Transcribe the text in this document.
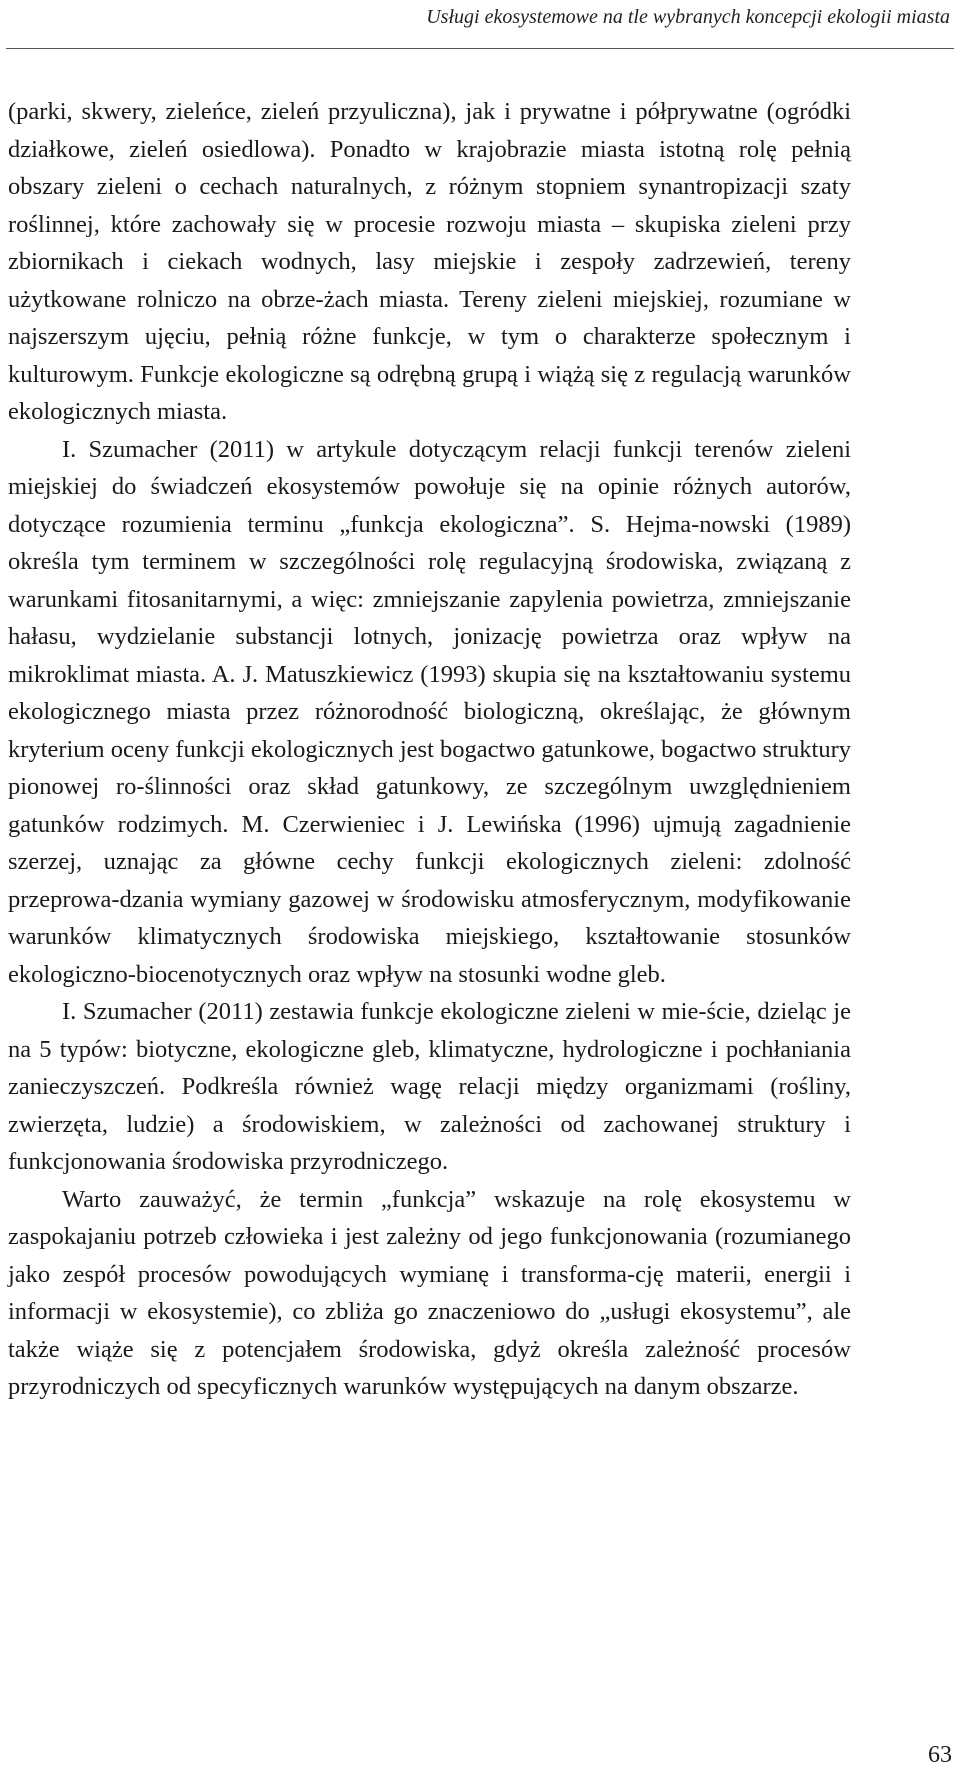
Usługi ekosystemowe na tle wybranych koncepcji ekologii miasta

(parki, skwery, zieleńce, zieleń przyuliczna), jak i prywatne i półprywatne (ogródki działkowe, zieleń osiedlowa). Ponadto w krajobrazie miasta istotną rolę pełnią obszary zieleni o cechach naturalnych, z różnym stopniem synantropizacji szaty roślinnej, które zachowały się w procesie rozwoju miasta – skupiska zieleni przy zbiornikach i ciekach wodnych, lasy miejskie i zespoły zadrzewień, tereny użytkowane rolniczo na obrze-żach miasta. Tereny zieleni miejskiej, rozumiane w najszerszym ujęciu, pełnią różne funkcje, w tym o charakterze społecznym i kulturowym. Funkcje ekologiczne są odrębną grupą i wiążą się z regulacją warunków ekologicznych miasta.

I. Szumacher (2011) w artykule dotyczącym relacji funkcji terenów zieleni miejskiej do świadczeń ekosystemów powołuje się na opinie różnych autorów, dotyczące rozumienia terminu „funkcja ekologiczna”. S. Hejma-nowski (1989) określa tym terminem w szczególności rolę regulacyjną środowiska, związaną z warunkami fitosanitarnymi, a więc: zmniejszanie zapylenia powietrza, zmniejszanie hałasu, wydzielanie substancji lotnych, jonizację powietrza oraz wpływ na mikroklimat miasta. A. J. Matuszkiewicz (1993) skupia się na kształtowaniu systemu ekologicznego miasta przez różnorodność biologiczną, określając, że głównym kryterium oceny funkcji ekologicznych jest bogactwo gatunkowe, bogactwo struktury pionowej ro-ślinności oraz skład gatunkowy, ze szczególnym uwzględnieniem gatunków rodzimych. M. Czerwieniec i J. Lewińska (1996) ujmują zagadnienie szerzej, uznając za główne cechy funkcji ekologicznych zieleni: zdolność przeprowa-dzania wymiany gazowej w środowisku atmosferycznym, modyfikowanie warunków klimatycznych środowiska miejskiego, kształtowanie stosunków ekologiczno-biocenotycznych oraz wpływ na stosunki wodne gleb.

I. Szumacher (2011) zestawia funkcje ekologiczne zieleni w mie-ście, dzieląc je na 5 typów: biotyczne, ekologiczne gleb, klimatyczne, hydrologiczne i pochłaniania zanieczyszczeń. Podkreśla również wagę relacji między organizmami (rośliny, zwierzęta, ludzie) a środowiskiem, w zależności od zachowanej struktury i funkcjonowania środowiska przyrodniczego.

Warto zauważyć, że termin „funkcja” wskazuje na rolę ekosystemu w zaspokajaniu potrzeb człowieka i jest zależny od jego funkcjonowania (rozumianego jako zespół procesów powodujących wymianę i transforma-cję materii, energii i informacji w ekosystemie), co zbliża go znaczeniowo do „usługi ekosystemu”, ale także wiąże się z potencjałem środowiska, gdyż określa zależność procesów przyrodniczych od specyficznych warunków występujących na danym obszarze.

63
